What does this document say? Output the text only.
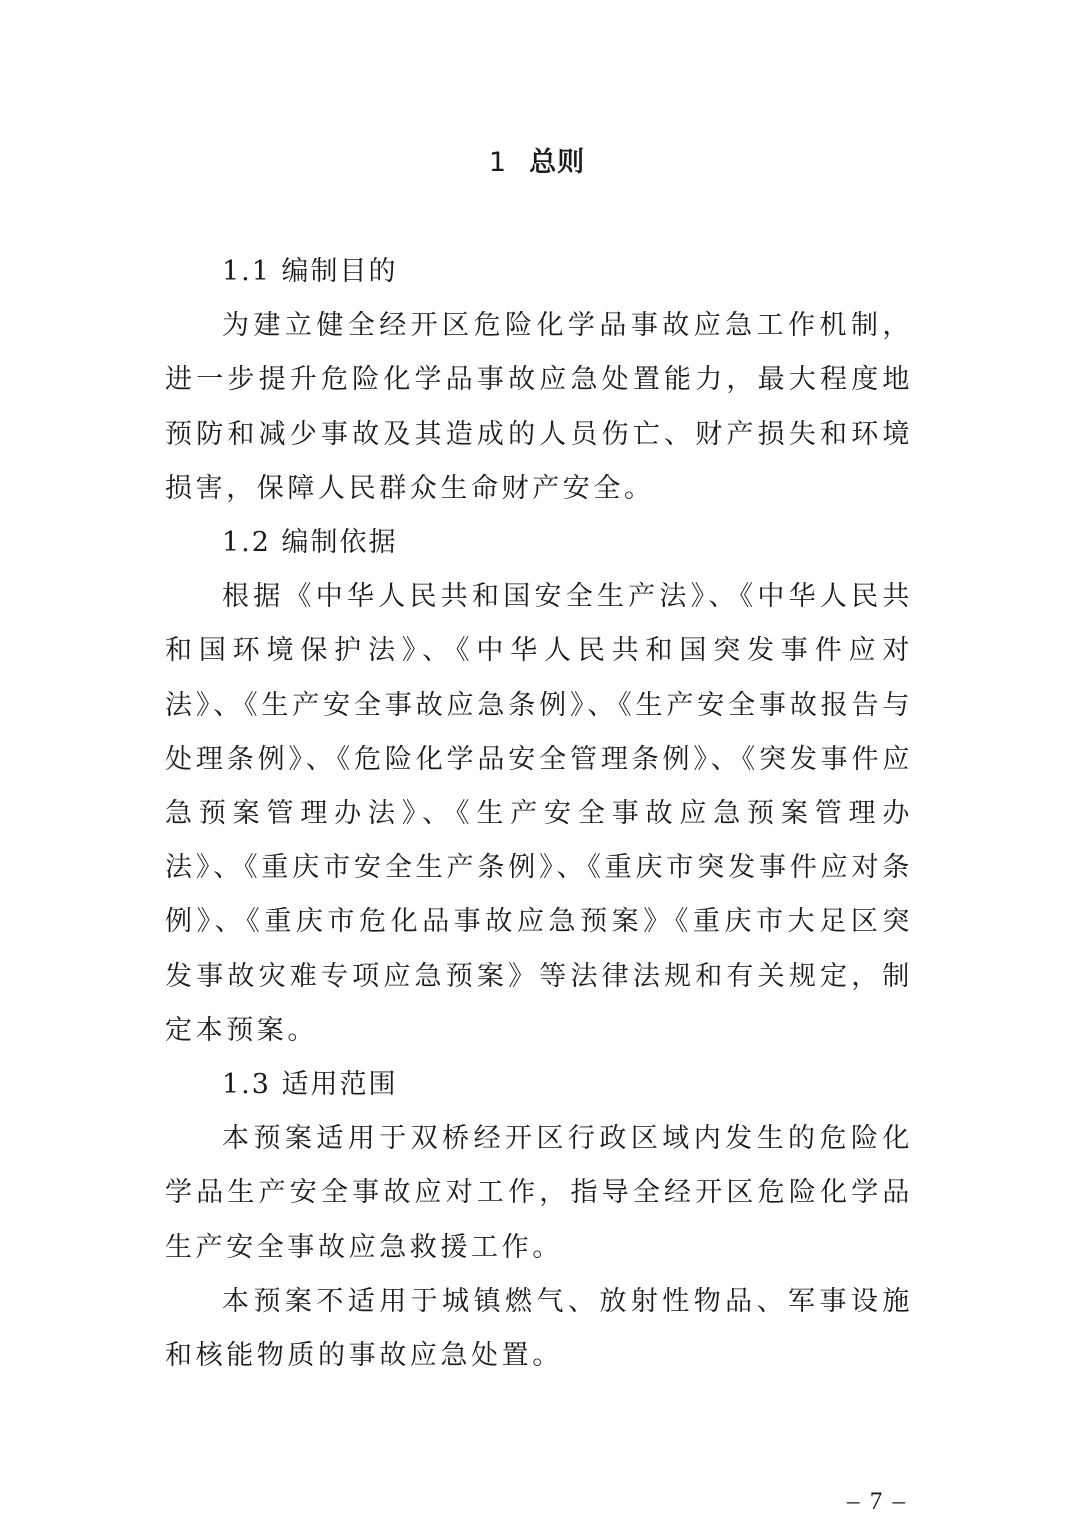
1 总则

1.1 编制目的

为建立健全经开区危险化学品事故应急工作机制，进一步提升危险化学品事故应急处置能力，最大程度地预防和减少事故及其造成的人员伤亡、财产损失和环境损害，保障人民群众生命财产安全。

1.2 编制依据

根据《中华人民共和国安全生产法》、《中华人民共和国环境保护法》、《中华人民共和国突发事件应对法》、《生产安全事故应急条例》、《生产安全事故报告与处理条例》、《危险化学品安全管理条例》、《突发事件应急预案管理办法》、《生产安全事故应急预案管理办法》、《重庆市安全生产条例》、《重庆市突发事件应对条例》、《重庆市危化品事故应急预案》《重庆市大足区突发事故灾难专项应急预案》等法律法规和有关规定，制定本预案。

1.3 适用范围

本预案适用于双桥经开区行政区域内发生的危险化学品生产安全事故应对工作，指导全经开区危险化学品生产安全事故应急救援工作。

本预案不适用于城镇燃气、放射性物品、军事设施和核能物质的事故应急处置。

– 7 –
